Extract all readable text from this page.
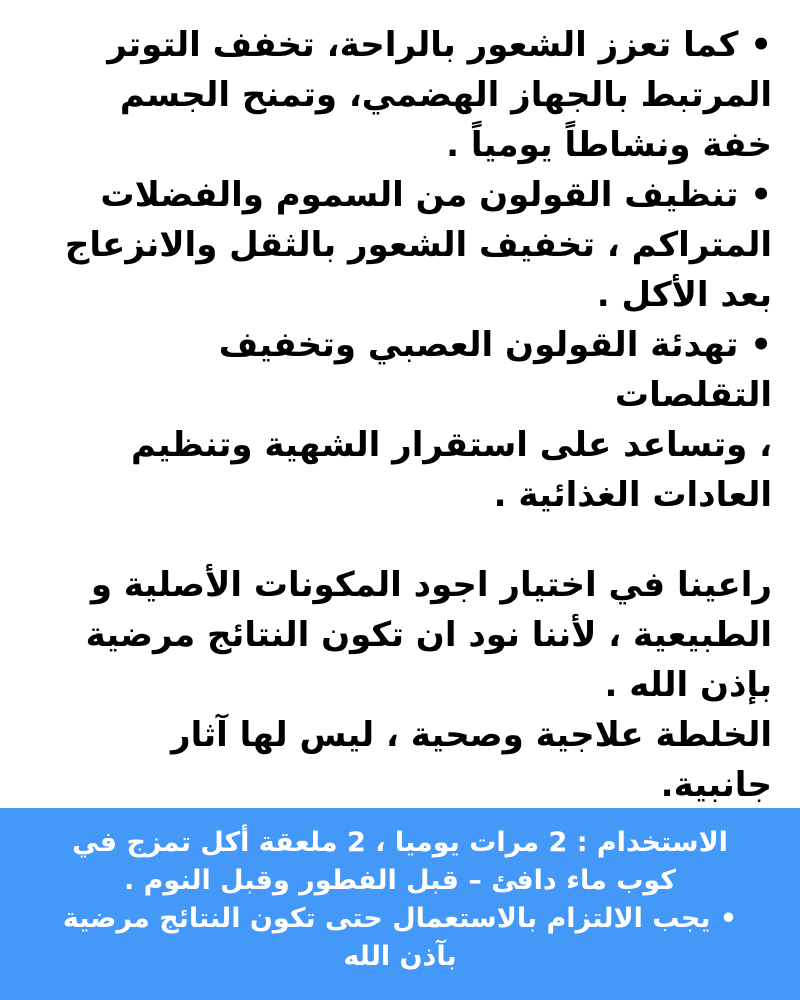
• كما تعزز الشعور بالراحة، تخفف التوتر
المرتبط بالجهاز الهضمي، وتمنح الجسم
خفة ونشاطاً يومياً .
• تنظيف القولون من السموم والفضلات
المتراكم ، تخفيف الشعور بالثقل والانزعاج
بعد الأكل .
• تهدئة القولون العصبي وتخفيف التقلصات
، وتساعد على استقرار الشهية وتنظيم
العادات الغذائية .
راعينا في اختيار اجود المكونات الأصلية و
الطبيعية ، لأننا نود ان تكون النتائج مرضية
بإذن الله .
الخلطة علاجية وصحية ، ليس لها آثار
جانبية.
الاستخدام : 2 مرات يوميا ، 2 ملعقة أكل تمزج في
كوب ماء دافئ – قبل الفطور وقبل النوم .
• يجب الالتزام بالاستعمال حتى تكون النتائج مرضية
بآذن الله
